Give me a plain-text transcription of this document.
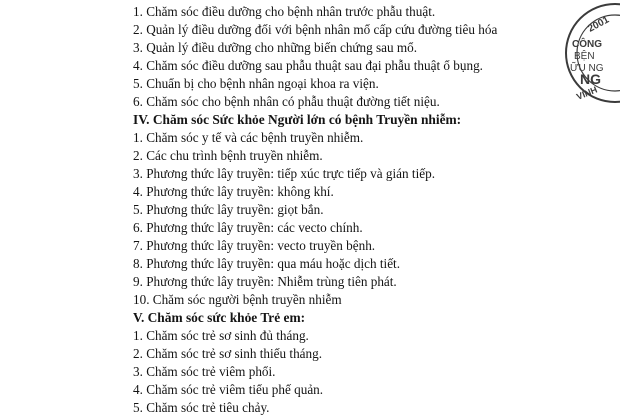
1. Chăm sóc điều dưỡng cho bệnh nhân trước phẫu thuật.
2. Quản lý điều dưỡng đối với bệnh nhân mổ cấp cứu đường tiêu hóa
3. Quản lý điều dưỡng cho những biến chứng sau mổ.
4. Chăm sóc điều dưỡng sau phẫu thuật sau đại phẫu thuật ổ bụng.
5. Chuẩn bị cho bệnh nhân ngoại khoa ra viện.
6. Chăm sóc cho bệnh nhân có phẫu thuật đường tiết niệu.
IV. Chăm sóc Sức khỏe Người lớn có bệnh Truyền nhiễm:
1. Chăm sóc y tế và các bệnh truyền nhiễm.
2. Các chu trình bệnh truyền nhiễm.
3. Phương thức lây truyền: tiếp xúc trực tiếp và gián tiếp.
4. Phương thức lây truyền: không khí.
5. Phương thức lây truyền: giọt bắn.
6. Phương thức lây truyền: các vecto chính.
7. Phương thức lây truyền: vecto truyền bệnh.
8. Phương thức lây truyền: qua máu hoặc dịch tiết.
9. Phương thức lây truyền: Nhiễm trùng tiên phát.
10. Chăm sóc người bệnh truyền nhiễm
V. Chăm sóc sức khỏe Trẻ em:
1. Chăm sóc trẻ sơ sinh đủ tháng.
2. Chăm sóc trẻ sơ sinh thiếu tháng.
3. Chăm sóc trẻ viêm phổi.
4. Chăm sóc trẻ viêm tiểu phế quản.
5. Chăm sóc trẻ tiêu chảy.
2001
CÔNG
BỆN
ỮU NG
NG
VINH
